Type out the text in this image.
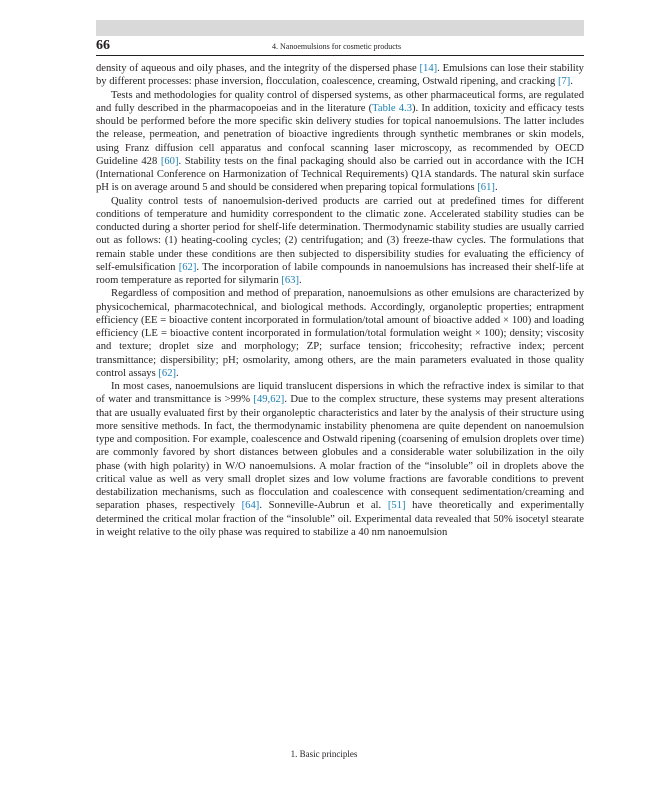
66	4. Nanoemulsions for cosmetic products

density of aqueous and oily phases, and the integrity of the dispersed phase [14]. Emulsions can lose their stability by different processes: phase inversion, flocculation, coalescence, creaming, Ostwald ripening, and cracking [7].

Tests and methodologies for quality control of dispersed systems, as other pharmaceutical forms, are regulated and fully described in the pharmacopoeias and in the literature (Table 4.3). In addition, toxicity and efficacy tests should be performed before the more specific skin delivery studies for topical nanoemulsions. The latter includes the release, permeation, and penetration of bioactive ingredients through synthetic membranes or skin models, using Franz diffusion cell apparatus and confocal scanning laser microscopy, as recommended by OECD Guideline 428 [60]. Stability tests on the final packaging should also be carried out in accordance with the ICH (International Conference on Harmonization of Technical Requirements) Q1A standards. The natural skin surface pH is on average around 5 and should be considered when preparing topical formulations [61].

Quality control tests of nanoemulsion-derived products are carried out at predefined times for different conditions of temperature and humidity correspondent to the climatic zone. Accelerated stability studies can be conducted during a shorter period for shelf-life determination. Thermodynamic stability studies are usually carried out as follows: (1) heating-cooling cycles; (2) centrifugation; and (3) freeze-thaw cycles. The formulations that remain stable under these conditions are then subjected to dispersibility studies for evaluating the efficiency of self-emulsification [62]. The incorporation of labile compounds in nanoemulsions has increased their shelf-life at room temperature as reported for silymarin [63].

Regardless of composition and method of preparation, nanoemulsions as other emulsions are characterized by physicochemical, pharmacotechnical, and biological methods. Accordingly, organoleptic properties; entrapment efficiency (EE = bioactive content incorporated in formulation/total amount of bioactive added × 100) and loading efficiency (LE = bioactive content incorporated in formulation/total formulation weight × 100); density; viscosity and texture; droplet size and morphology; ZP; surface tension; friccohesity; refractive index; percent transmittance; dispersibility; pH; osmolarity, among others, are the main parameters evaluated in those quality control assays [62].

In most cases, nanoemulsions are liquid translucent dispersions in which the refractive index is similar to that of water and transmittance is >99% [49,62]. Due to the complex structure, these systems may present alterations that are usually evaluated first by their organoleptic characteristics and later by the analysis of their structure using more sensitive methods. In fact, the thermodynamic instability phenomena are quite dependent on nanoemulsion type and composition. For example, coalescence and Ostwald ripening (coarsening of emulsion droplets over time) are commonly favored by short distances between globules and a considerable water solubilization in the oily phase (with high polarity) in W/O nanoemulsions. A molar fraction of the “insoluble” oil in droplets above the critical value as well as very small droplet sizes and low volume fractions are favorable conditions to prevent destabilization mechanisms, such as flocculation and coalescence with consequent sedimentation/creaming and separation phases, respectively [64]. Sonneville-Aubrun et al. [51] have theoretically and experimentally determined the critical molar fraction of the “insoluble” oil. Experimental data revealed that 50% isocetyl stearate in weight relative to the oily phase was required to stabilize a 40 nm nanoemulsion

1. Basic principles
